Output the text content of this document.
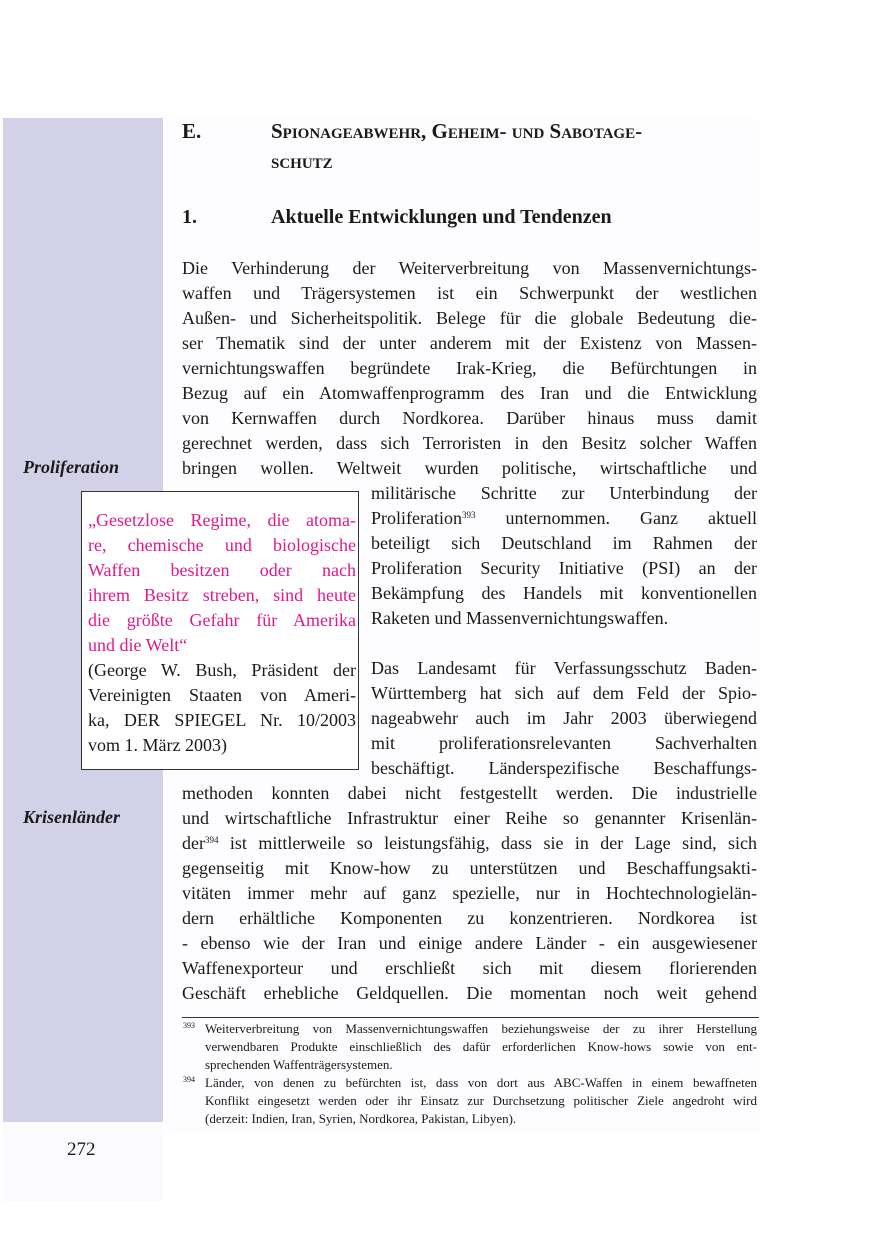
E.	Spionageabwehr, Geheim- und Sabotage-
schutz
1.	Aktuelle Entwicklungen und Tendenzen
Proliferation
Krisenländer
Die Verhinderung der Weiterverbreitung von Massenvernichtungs-
waffen und Trägersystemen ist ein Schwerpunkt der westlichen
Außen- und Sicherheitspolitik. Belege für die globale Bedeutung die-
ser Thematik sind der unter anderem mit der Existenz von Massen-
vernichtungswaffen begründete Irak-Krieg, die Befürchtungen in
Bezug auf ein Atomwaffenprogramm des Iran und die Entwicklung
von Kernwaffen durch Nordkorea. Darüber hinaus muss damit
gerechnet werden, dass sich Terroristen in den Besitz solcher Waffen
bringen wollen. Weltweit wurden politische, wirtschaftliche und
militärische Schritte zur Unterbindung der
Proliferation$^{393}$ unternommen. Ganz aktuell
beteiligt sich Deutschland im Rahmen der
Proliferation Security Initiative (PSI) an der
Bekämpfung des Handels mit konventionellen
Raketen und Massenvernichtungswaffen.
Das Landesamt für Verfassungsschutz Baden-
Württemberg hat sich auf dem Feld der Spio-
nageabwehr auch im Jahr 2003 überwiegend
mit proliferationsrelevanten Sachverhalten
beschäftigt. Länderspezifische Beschaffungs-
methoden konnten dabei nicht festgestellt werden. Die industrielle
und wirtschaftliche Infrastruktur einer Reihe so genannter Krisenlän-
der$^{394}$ ist mittlerweile so leistungsfähig, dass sie in der Lage sind, sich
gegenseitig mit Know-how zu unterstützen und Beschaffungsakti-
vitäten immer mehr auf ganz spezielle, nur in Hochtechnologielän-
dern erhältliche Komponenten zu konzentrieren. Nordkorea ist
- ebenso wie der Iran und einige andere Länder - ein ausgewiesener
Waffenexporteur und erschließt sich mit diesem florierenden
Geschäft erhebliche Geldquellen. Die momentan noch weit gehend
„Gesetzlose Regime, die atoma-
re, chemische und biologische
Waffen besitzen oder nach
ihrem Besitz streben, sind heute
die größte Gefahr für Amerika
und die Welt“
(George W. Bush, Präsident der
Vereinigten Staaten von Ameri-
ka, DER SPIEGEL Nr. 10/2003
vom 1. März 2003)
393 Weiterverbreitung von Massenvernichtungswaffen beziehungsweise der zu ihrer Herstellung
verwendbaren Produkte einschließlich des dafür erforderlichen Know-hows sowie von ent-
sprechenden Waffenträgersystemen.
394 Länder, von denen zu befürchten ist, dass von dort aus ABC-Waffen in einem bewaffneten
Konflikt eingesetzt werden oder ihr Einsatz zur Durchsetzung politischer Ziele angedroht wird
(derzeit: Indien, Iran, Syrien, Nordkorea, Pakistan, Libyen).
272
